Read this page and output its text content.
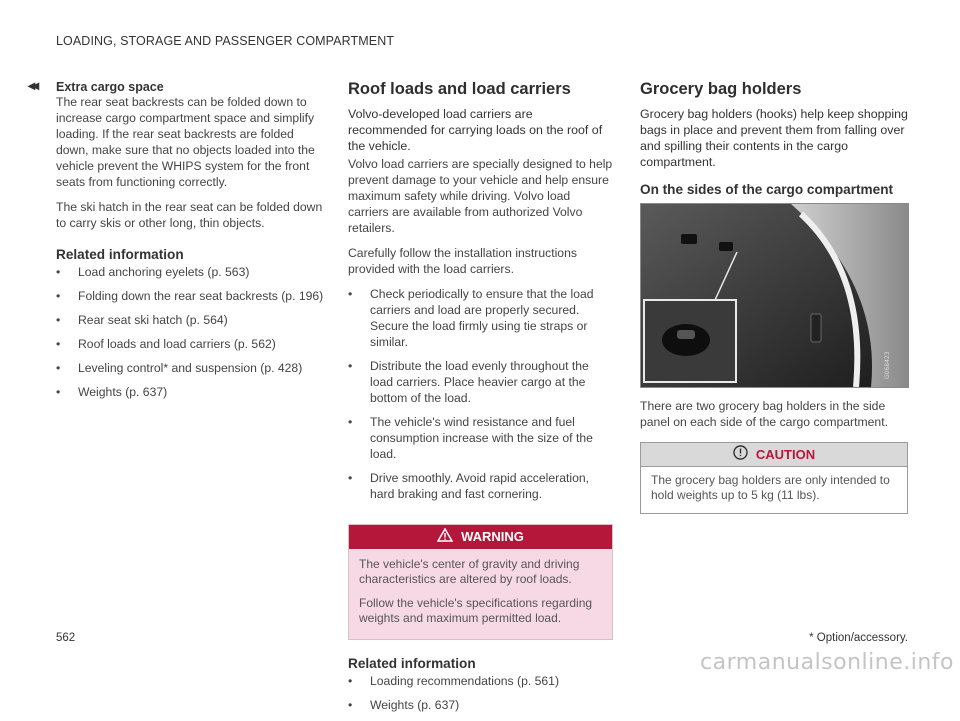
LOADING, STORAGE AND PASSENGER COMPARTMENT
◂◂ Extra cargo space

The rear seat backrests can be folded down to increase cargo compartment space and simplify loading. If the rear seat backrests are folded down, make sure that no objects loaded into the vehicle prevent the WHIPS system for the front seats from functioning correctly.

The ski hatch in the rear seat can be folded down to carry skis or other long, thin objects.

Related information
• Load anchoring eyelets (p. 563)
• Folding down the rear seat backrests (p. 196)
• Rear seat ski hatch (p. 564)
• Roof loads and load carriers (p. 562)
• Leveling control* and suspension (p. 428)
• Weights (p. 637)
Roof loads and load carriers

Volvo-developed load carriers are recommended for carrying loads on the roof of the vehicle.

Volvo load carriers are specially designed to help prevent damage to your vehicle and help ensure maximum safety while driving. Volvo load carriers are available from authorized Volvo retailers.

Carefully follow the installation instructions provided with the load carriers.

• Check periodically to ensure that the load carriers and load are properly secured. Secure the load firmly using tie straps or similar.
• Distribute the load evenly throughout the load carriers. Place heavier cargo at the bottom of the load.
• The vehicle's wind resistance and fuel consumption increase with the size of the load.
• Drive smoothly. Avoid rapid acceleration, hard braking and fast cornering.
WARNING

The vehicle's center of gravity and driving characteristics are altered by roof loads.

Follow the vehicle's specifications regarding weights and maximum permitted load.

Related information
• Loading recommendations (p. 561)
• Weights (p. 637)
Grocery bag holders

Grocery bag holders (hooks) help keep shopping bags in place and prevent them from falling over and spilling their contents in the cargo compartment.

On the sides of the cargo compartment
G068423

There are two grocery bag holders in the side panel on each side of the cargo compartment.

CAUTION
The grocery bag holders are only intended to hold weights up to 5 kg (11 lbs).
562	* Option/accessory.
carmanualsonline.info
